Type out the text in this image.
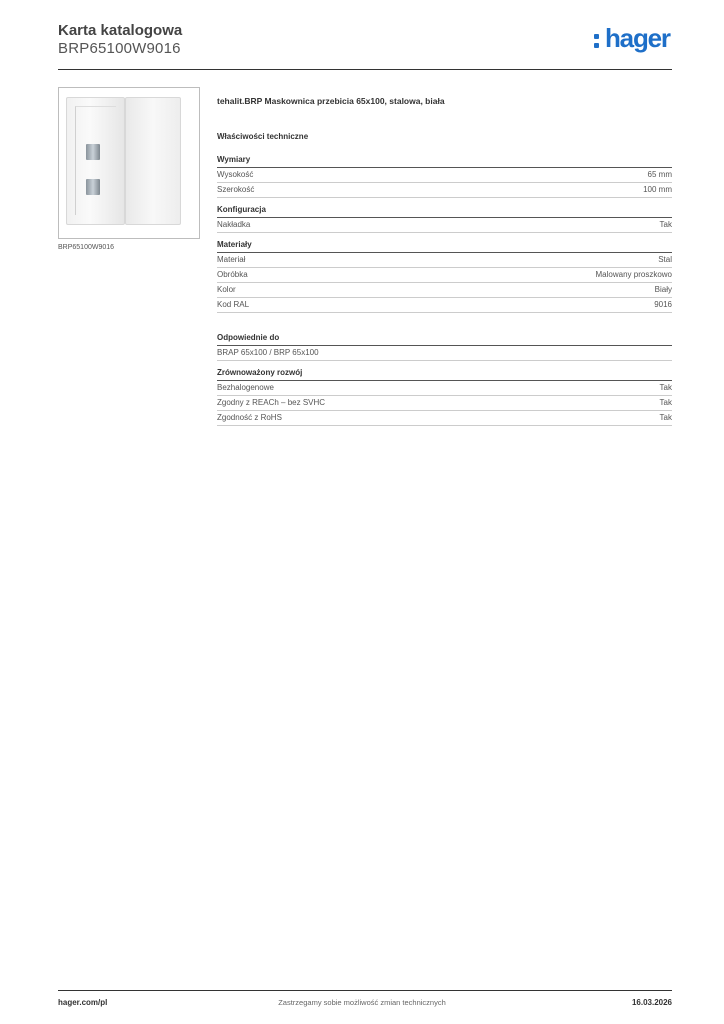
Karta katalogowa
BRP65100W9016	hager
BRP65100W9016
tehalit.BRP Maskownica przebicia 65x100, stalowa, biała
Właściwości techniczne
Wymiary
Wysokość	65 mm
Szerokość	100 mm
Konfiguracja
Nakładka	Tak
Materiały
Materiał	Stal
Obróbka	Malowany proszkowo
Kolor	Biały
Kod RAL	9016
Odpowiednie do
BRAP 65x100 / BRP 65x100
Zrównoważony rozwój
Bezhalogenowe	Tak
Zgodny z REACh – bez SVHC	Tak
Zgodność z RoHS	Tak
hager.com/pl	Zastrzegamy sobie możliwość zmian technicznych	16.03.2026
